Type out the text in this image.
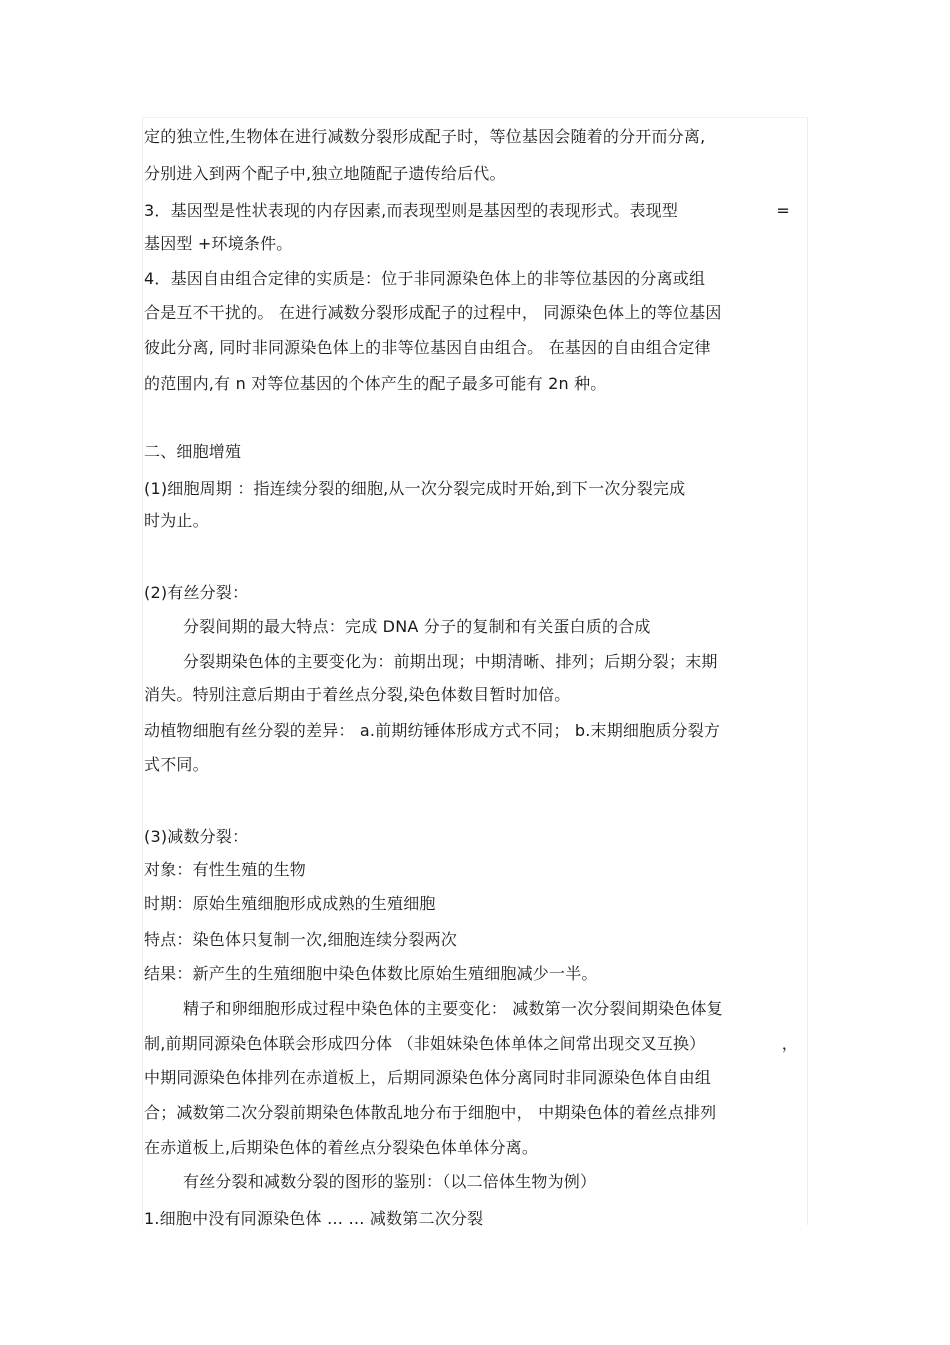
定的独立性,生物体在进行减数分裂形成配子时，等位基因会随着的分开而分离,
分别进入到两个配子中,独立地随配子遗传给后代。
3．基因型是性状表现的内存因素,而表现型则是基因型的表现形式。表现型	=
基因型 +环境条件。
4．基因自由组合定律的实质是：位于非同源染色体上的非等位基因的分离或组
合是互不干扰的。 在进行减数分裂形成配子的过程中， 同源染色体上的等位基因
彼此分离, 同时非同源染色体上的非等位基因自由组合。 在基因的自由组合定律
的范围内,有 n 对等位基因的个体产生的配子最多可能有 2n 种。
二、细胞增殖
(1)细胞周期 ：指连续分裂的细胞,从一次分裂完成时开始,到下一次分裂完成
时为止。
(2)有丝分裂：
分裂间期的最大特点：完成 DNA 分子的复制和有关蛋白质的合成
分裂期染色体的主要变化为：前期出现；中期清晰、排列；后期分裂；末期
消失。特别注意后期由于着丝点分裂,染色体数目暂时加倍。
动植物细胞有丝分裂的差异： a.前期纺锤体形成方式不同； b.末期细胞质分裂方
式不同。
(3)减数分裂：
对象：有性生殖的生物
时期：原始生殖细胞形成成熟的生殖细胞
特点：染色体只复制一次,细胞连续分裂两次
结果：新产生的生殖细胞中染色体数比原始生殖细胞减少一半。
精子和卵细胞形成过程中染色体的主要变化： 减数第一次分裂间期染色体复
制,前期同源染色体联会形成四分体 （非姐妹染色体单体之间常出现交叉互换）	，
中期同源染色体排列在赤道板上，后期同源染色体分离同时非同源染色体自由组
合；减数第二次分裂前期染色体散乱地分布于细胞中， 中期染色体的着丝点排列
在赤道板上,后期染色体的着丝点分裂染色体单体分离。
有丝分裂和减数分裂的图形的鉴别：（以二倍体生物为例）
1.细胞中没有同源染色体 … … 减数第二次分裂
